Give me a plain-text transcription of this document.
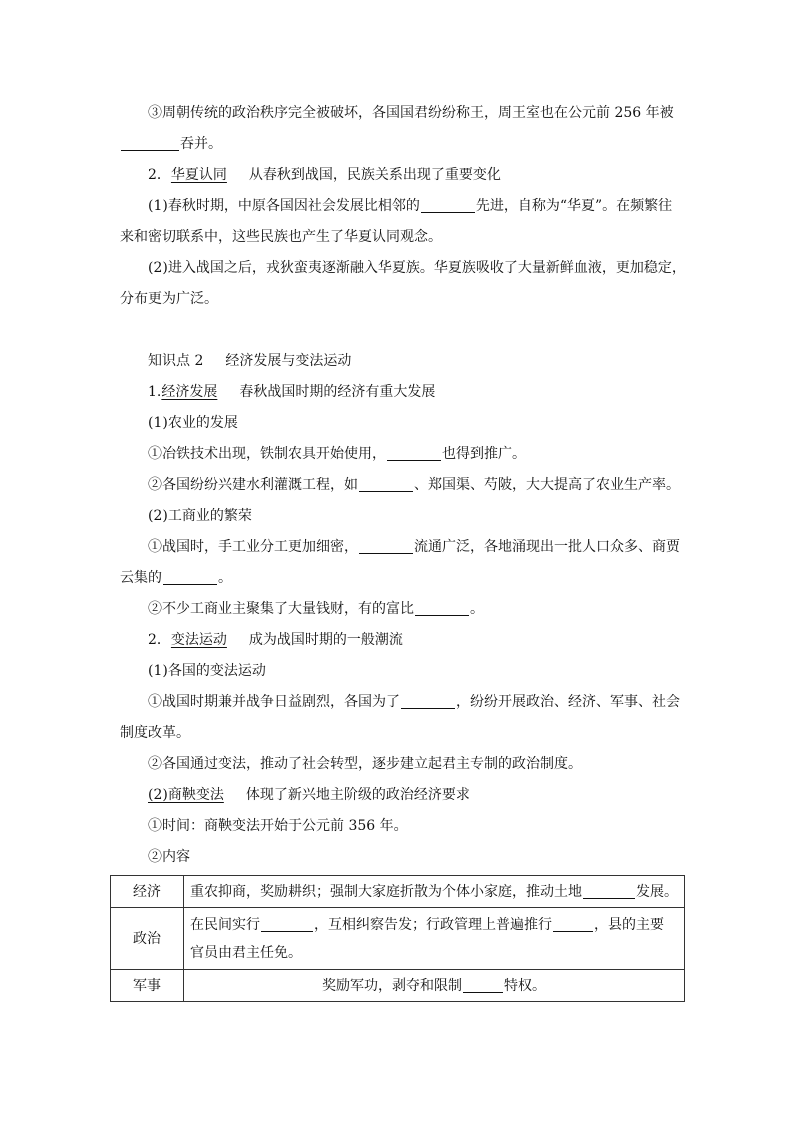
③周朝传统的政治秩序完全被破坏，各国国君纷纷称王，周王室也在公元前 256 年被
吞并。
2．华夏认同 从春秋到战国，民族关系出现了重要变化
(1)春秋时期，中原各国因社会发展比相邻的	先进，自称为“华夏”。在频繁往
来和密切联系中，这些民族也产生了华夏认同观念。
(2)进入战国之后，戎狄蛮夷逐渐融入华夏族。华夏族吸收了大量新鲜血液，更加稳定，
分布更为广泛。
知识点 2 经济发展与变法运动
1.经济发展 春秋战国时期的经济有重大发展
(1)农业的发展
①冶铁技术出现，铁制农具开始使用，	也得到推广。
②各国纷纷兴建水利灌溉工程，如	、郑国渠、芍陂，大大提高了农业生产率。
(2)工商业的繁荣
①战国时，手工业分工更加细密，	流通广泛，各地涌现出一批人口众多、商贾
云集的	。
②不少工商业主聚集了大量钱财，有的富比	。
2．变法运动 成为战国时期的一般潮流
(1)各国的变法运动
①战国时期兼并战争日益剧烈，各国为了	，纷纷开展政治、经济、军事、社会
制度改革。
②各国通过变法，推动了社会转型，逐步建立起君主专制的政治制度。
(2)商鞅变法 体现了新兴地主阶级的政治经济要求
①时间：商鞅变法开始于公元前 356 年。
②内容
经济	重农抑商，奖励耕织；强制大家庭折散为个体小家庭，推动土地 发展。
政治	在民间实行 ，互相纠察告发；行政管理上普遍推行 ，县的主要
官员由君主任免。
军事	奖励军功，剥夺和限制 特权。
